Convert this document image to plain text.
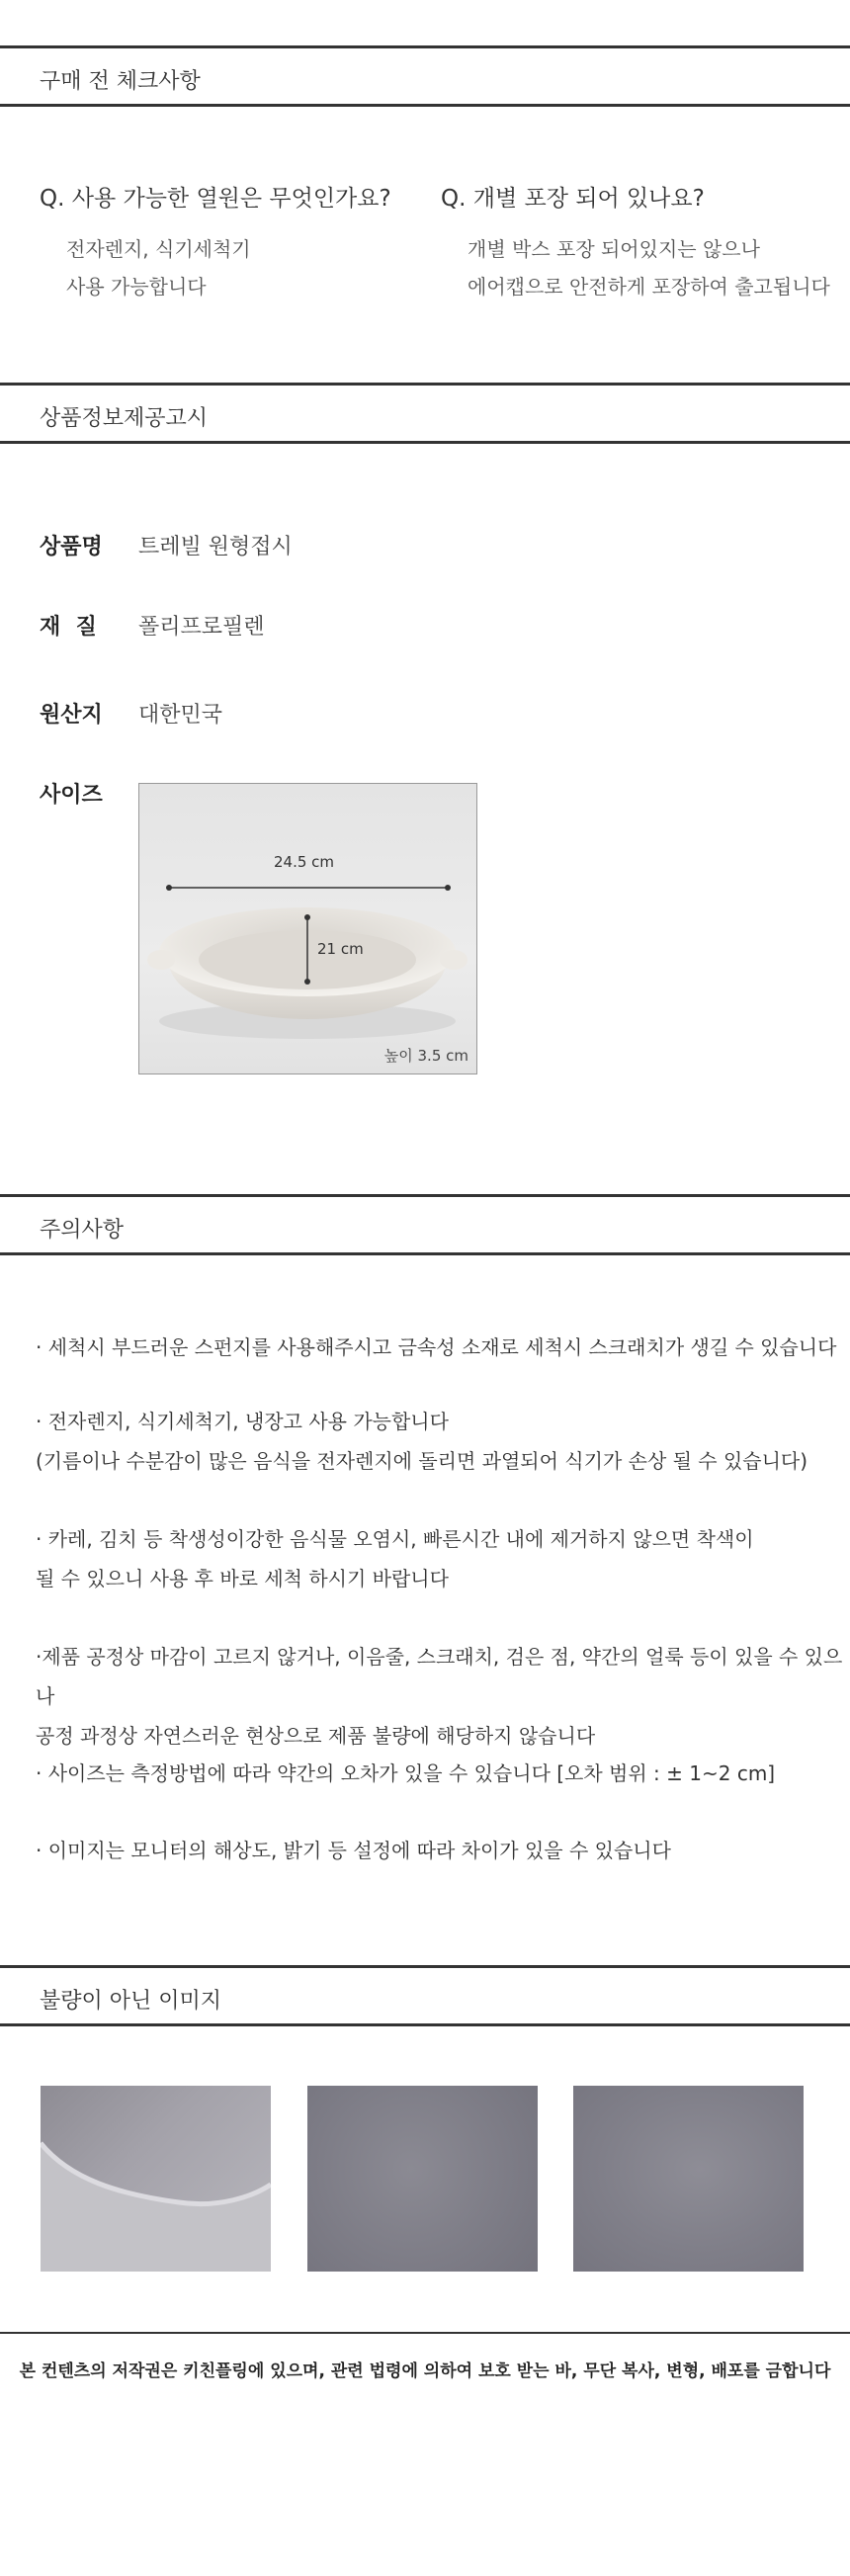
구매 전 체크사항
Q. 사용 가능한 열원은 무엇인가요?
전자렌지, 식기세척기
사용 가능합니다
Q. 개별 포장 되어 있나요?
개별 박스 포장 되어있지는 않으나
에어캡으로 안전하게 포장하여 출고됩니다
상품정보제공고시
상품명 트레빌 원형접시
재  질 폴리프로필렌
원산지 대한민국
사이즈
24.5 cm
21 cm
높이 3.5 cm
주의사항
· 세척시 부드러운 스펀지를 사용해주시고 금속성 소재로 세척시 스크래치가 생길 수 있습니다
· 전자렌지, 식기세척기, 냉장고 사용 가능합니다
(기름이나 수분감이 많은 음식을 전자렌지에 돌리면 과열되어 식기가 손상 될 수 있습니다)
· 카레, 김치 등 착생성이강한 음식물 오염시, 빠른시간 내에 제거하지 않으면 착색이
될 수 있으니 사용 후 바로 세척 하시기 바랍니다
·제품 공정상 마감이 고르지 않거나, 이음줄, 스크래치, 검은 점, 약간의 얼룩 등이 있을 수 있으나
공정 과정상 자연스러운 현상으로 제품 불량에 해당하지 않습니다
· 사이즈는 측정방법에 따라 약간의 오차가 있을 수 있습니다 [오차 범위 : ± 1~2 cm]
· 이미지는 모니터의 해상도, 밝기 등 설정에 따라 차이가 있을 수 있습니다
불량이 아닌 이미지
본 컨텐츠의 저작권은 키친플링에 있으며, 관련 법령에 의하여 보호 받는 바, 무단 복사, 변형, 배포를 금합니다
